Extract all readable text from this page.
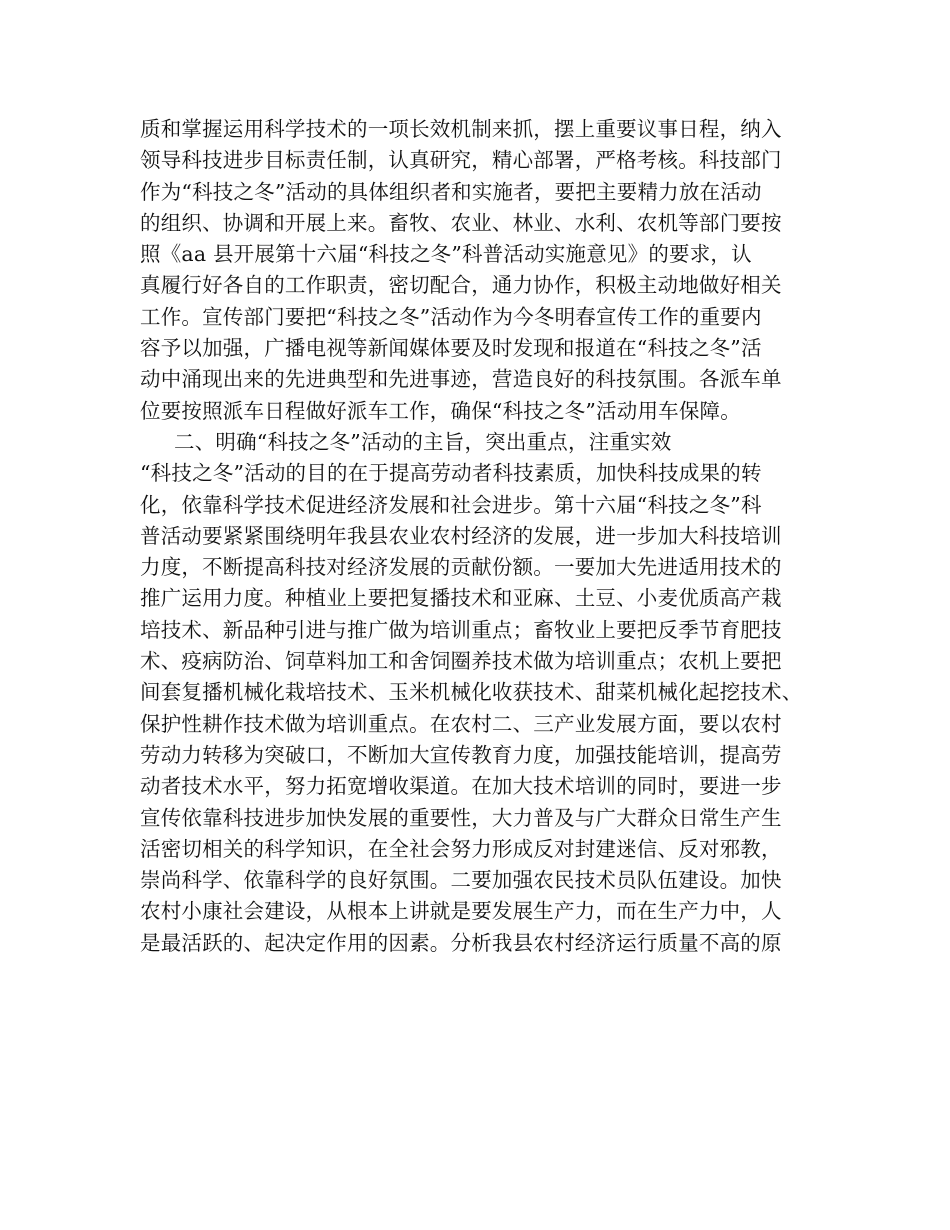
质和掌握运用科学技术的一项长效机制来抓，摆上重要议事日程，纳入
领导科技进步目标责任制，认真研究，精心部署，严格考核。科技部门
作为“科技之冬”活动的具体组织者和实施者，要把主要精力放在活动
的组织、协调和开展上来。畜牧、农业、林业、水利、农机等部门要按
照《aa 县开展第十六届“科技之冬”科普活动实施意见》的要求，认
真履行好各自的工作职责，密切配合，通力协作，积极主动地做好相关
工作。宣传部门要把“科技之冬”活动作为今冬明春宣传工作的重要内
容予以加强，广播电视等新闻媒体要及时发现和报道在“科技之冬”活
动中涌现出来的先进典型和先进事迹，营造良好的科技氛围。各派车单
位要按照派车日程做好派车工作，确保“科技之冬”活动用车保障。
二、明确“科技之冬”活动的主旨，突出重点，注重实效
“科技之冬”活动的目的在于提高劳动者科技素质，加快科技成果的转
化，依靠科学技术促进经济发展和社会进步。第十六届“科技之冬”科
普活动要紧紧围绕明年我县农业农村经济的发展，进一步加大科技培训
力度，不断提高科技对经济发展的贡献份额。一要加大先进适用技术的
推广运用力度。种植业上要把复播技术和亚麻、土豆、小麦优质高产栽
培技术、新品种引进与推广做为培训重点；畜牧业上要把反季节育肥技
术、疫病防治、饲草料加工和舍饲圈养技术做为培训重点；农机上要把
间套复播机械化栽培技术、玉米机械化收获技术、甜菜机械化起挖技术、
保护性耕作技术做为培训重点。在农村二、三产业发展方面，要以农村
劳动力转移为突破口，不断加大宣传教育力度，加强技能培训，提高劳
动者技术水平，努力拓宽增收渠道。在加大技术培训的同时，要进一步
宣传依靠科技进步加快发展的重要性，大力普及与广大群众日常生产生
活密切相关的科学知识，在全社会努力形成反对封建迷信、反对邪教，
崇尚科学、依靠科学的良好氛围。二要加强农民技术员队伍建设。加快
农村小康社会建设，从根本上讲就是要发展生产力，而在生产力中，人
是最活跃的、起决定作用的因素。分析我县农村经济运行质量不高的原
